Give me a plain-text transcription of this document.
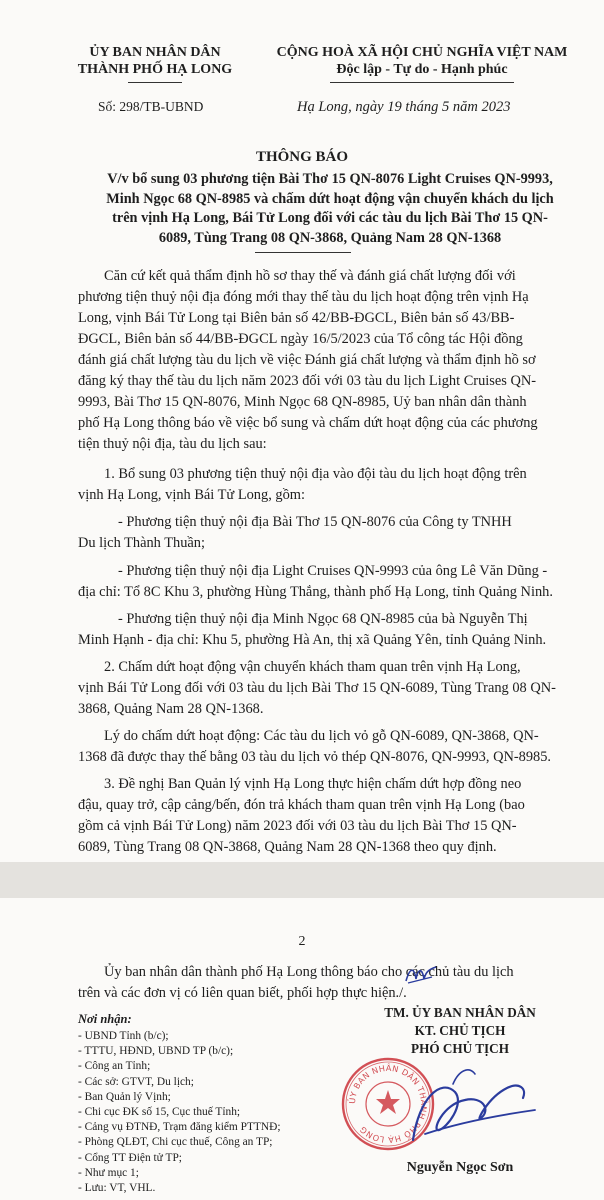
ỦY BAN NHÂN DÂN
THÀNH PHỐ HẠ LONG
CỘNG HOÀ XÃ HỘI CHỦ NGHĨA VIỆT NAM
Độc lập - Tự do - Hạnh phúc
Số: 298/TB-UBND	Hạ Long, ngày 19 tháng 5 năm 2023
THÔNG BÁO
V/v bổ sung 03 phương tiện Bài Thơ 15 QN-8076 Light Cruises QN-9993,
Minh Ngọc 68 QN-8985 và chấm dứt hoạt động vận chuyển khách du lịch
trên vịnh Hạ Long, Bái Tử Long đối với các tàu du lịch Bài Thơ 15 QN-
6089, Tùng Trang 08 QN-3868, Quảng Nam 28 QN-1368
Căn cứ kết quả thẩm định hồ sơ thay thế và đánh giá chất lượng đối với
phương tiện thuỷ nội địa đóng mới thay thế tàu du lịch hoạt động trên vịnh Hạ
Long, vịnh Bái Tử Long tại Biên bản số 42/BB-ĐGCL, Biên bản số 43/BB-
ĐGCL, Biên bản số 44/BB-ĐGCL ngày 16/5/2023 của Tổ công tác Hội đồng
đánh giá chất lượng tàu du lịch về việc Đánh giá chất lượng và thẩm định hồ sơ
đăng ký thay thế tàu du lịch năm 2023 đối với 03 tàu du lịch Light Cruises QN-
9993, Bài Thơ 15 QN-8076, Minh Ngọc 68 QN-8985, Uỷ ban nhân dân thành
phố Hạ Long thông báo về việc bổ sung và chấm dứt hoạt động của các phương
tiện thuỷ nội địa, tàu du lịch sau:
1. Bổ sung 03 phương tiện thuỷ nội địa vào đội tàu du lịch hoạt động trên
vịnh Hạ Long, vịnh Bái Tử Long, gồm:
- Phương tiện thuỷ nội địa Bài Thơ 15 QN-8076 của Công ty TNHH
Du lịch Thành Thuần;
- Phương tiện thuỷ nội địa Light Cruises QN-9993 của ông Lê Văn Dũng -
địa chỉ: Tổ 8C Khu 3, phường Hùng Thắng, thành phố Hạ Long, tỉnh Quảng Ninh.
- Phương tiện thuỷ nội địa Minh Ngọc 68 QN-8985 của bà Nguyễn Thị
Minh Hạnh - địa chỉ: Khu 5, phường Hà An, thị xã Quảng Yên, tỉnh Quảng Ninh.
2. Chấm dứt hoạt động vận chuyển khách tham quan trên vịnh Hạ Long,
vịnh Bái Tử Long đối với 03 tàu du lịch Bài Thơ 15 QN-6089, Tùng Trang 08 QN-
3868, Quảng Nam 28 QN-1368.
Lý do chấm dứt hoạt động: Các tàu du lịch vỏ gỗ QN-6089, QN-3868, QN-
1368 đã được thay thế bằng 03 tàu du lịch vỏ thép QN-8076, QN-9993, QN-8985.
3. Đề nghị Ban Quản lý vịnh Hạ Long thực hiện chấm dứt hợp đồng neo
đậu, quay trở, cập cảng/bến, đón trả khách tham quan trên vịnh Hạ Long (bao
gồm cả vịnh Bái Tử Long) năm 2023 đối với 03 tàu du lịch Bài Thơ 15 QN-
6089, Tùng Trang 08 QN-3868, Quảng Nam 28 QN-1368 theo quy định.
2
Ủy ban nhân dân thành phố Hạ Long thông báo cho các chủ tàu du lịch
trên và các đơn vị có liên quan biết, phối hợp thực hiện./.
Nơi nhận:
- UBND Tỉnh (b/c);
- TTTU, HĐND, UBND TP (b/c);
- Công an Tỉnh;
- Các sở: GTVT, Du lịch;
- Ban Quản lý Vịnh;
- Chi cục ĐK số 15, Cục thuế Tỉnh;
- Cảng vụ ĐTNĐ, Trạm đăng kiểm PTTNĐ;
- Phòng QLĐT, Chi cục thuế, Công an TP;
- Cổng TT Điện tử TP;
- Như mục 1;
- Lưu: VT, VHL.
TM. ỦY BAN NHÂN DÂN
KT. CHỦ TỊCH
PHÓ CHỦ TỊCH
ỦY BAN NHÂN DÂN THÀNH PHỐ HẠ LONG
Nguyễn Ngọc Sơn
